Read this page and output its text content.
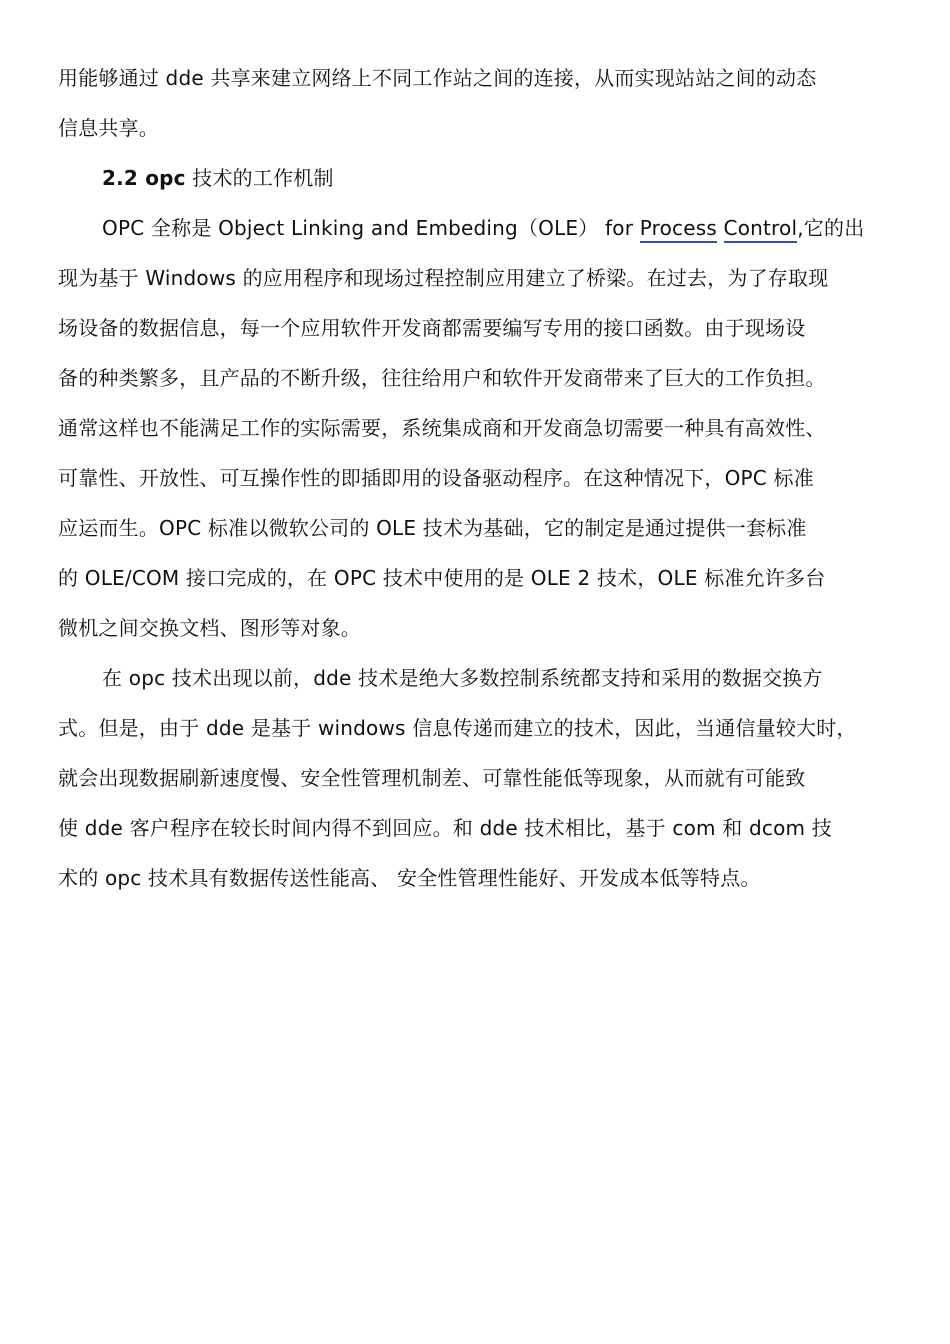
用能够通过 dde 共享来建立网络上不同工作站之间的连接，从而实现站站之间的动态
信息共享。
2.2 opc 技术的工作机制
OPC 全称是 Object Linking and Embeding（OLE） for Process Control,它的出
现为基于 Windows 的应用程序和现场过程控制应用建立了桥梁。在过去，为了存取现
场设备的数据信息，每一个应用软件开发商都需要编写专用的接口函数。由于现场设
备的种类繁多，且产品的不断升级，往往给用户和软件开发商带来了巨大的工作负担。
通常这样也不能满足工作的实际需要，系统集成商和开发商急切需要一种具有高效性、
可靠性、开放性、可互操作性的即插即用的设备驱动程序。在这种情况下，OPC 标准
应运而生。OPC 标准以微软公司的 OLE 技术为基础，它的制定是通过提供一套标准
的 OLE/COM 接口完成的，在 OPC 技术中使用的是 OLE 2 技术，OLE 标准允许多台
微机之间交换文档、图形等对象。
在 opc 技术出现以前，dde 技术是绝大多数控制系统都支持和采用的数据交换方
式。但是，由于 dde 是基于 windows 信息传递而建立的技术，因此，当通信量较大时，
就会出现数据刷新速度慢、安全性管理机制差、可靠性能低等现象，从而就有可能致
使 dde 客户程序在较长时间内得不到回应。和 dde 技术相比，基于 com 和 dcom 技
术的 opc 技术具有数据传送性能高、 安全性管理性能好、开发成本低等特点。
